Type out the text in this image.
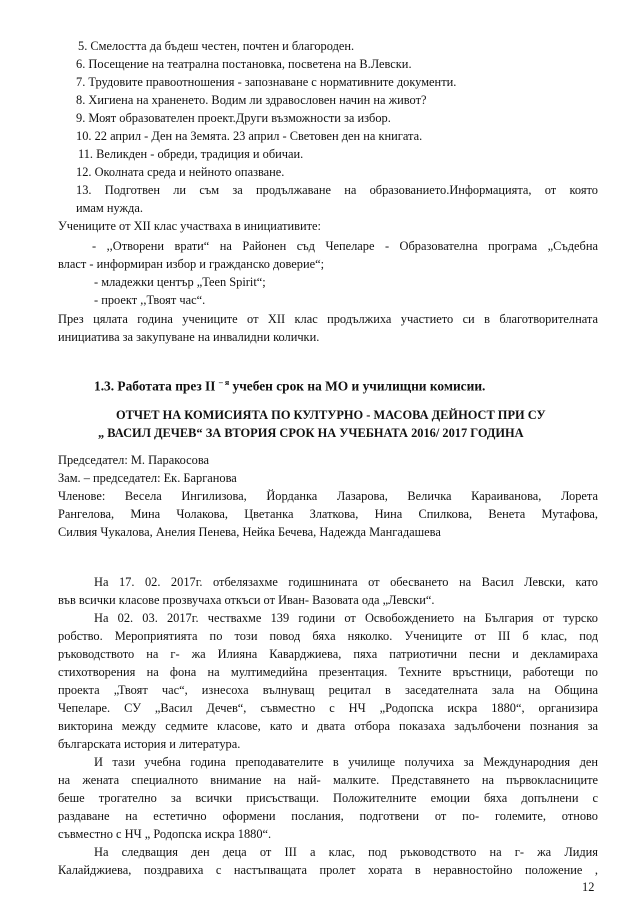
5. Смелостта да бъдеш честен, почтен и благороден.
6. Посещение на театрална постановка, посветена на В.Левски.
7. Трудовите правоотношения - запознаване с нормативните документи.
8. Хигиена на храненето. Водим ли здравословен начин на живот?
9. Моят образователен проект.Други възможности за избор.
10. 22 април - Ден на Земята. 23 април - Световен ден на книгата.
11. Великден - обреди, традиция и обичаи.
12. Околната среда и нейното опазване.
13. Подготвен ли съм за продължаване на образованието.Информацията, от която
имам нужда.
Учениците от XII клас участваха в инициативите:
- ,,Отворени врати“ на Районен съд Чепеларе - Образователна програма „Съдебна
власт - информиран избор и гражданско доверие“;
- младежки център „Teen Spirit“;
- проект ,,Твоят час“.
През цялата година учениците от XII клас продължиха участието си в благотворителната
инициатива за закупуване на инвалидни колички.
1.3. Работата през II $^{- я}$ учебен срок на МО и училищни комисии.
ОТЧЕТ НА КОМИСИЯТА ПО КУЛТУРНО - МАСОВА ДЕЙНОСТ ПРИ СУ
„ ВАСИЛ ДЕЧЕВ“ ЗА ВТОРИЯ СРОК НА УЧЕБНАТА 2016/ 2017 ГОДИНА
Председател: М. Паракосова
Зам. – председател: Ек. Барганова
Членове: Весела Ингилизова, Йорданка Лазарова, Величка Караиванова, Лорета
Рангелова, Мина Чолакова, Цветанка Златкова, Нина Спилкова, Венета Мутафова,
Силвия Чукалова, Анелия Пенева, Нейка Бечева, Надежда Мангадашева
На 17. 02. 2017г. отбелязахме годишнината от обесването на Васил Левски, като
във всички класове прозвучаха откъси от Иван- Вазовата ода „Левски“.
На 02. 03. 2017г. чествахме 139 години от Освобождението на България от турско
робство. Мероприятията по този повод бяха няколко. Учениците от III б клас, под
ръководството на г- жа Илияна Каварджиева, пяха патриотични песни и декламираха
стихотворения на фона на мултимедийна презентация. Техните връстници, работещи по
проекта „Твоят час“, изнесоха вълнуващ рецитал в заседателната зала на Община
Чепеларе. СУ „Васил Дечев“, съвместно с НЧ „Родопска искра 1880“, организира
викторина между седмите класове, като и двата отбора показаха задълбочени познания за
българската история и литература.
И тази учебна година преподавателите в училище получиха за Международния ден
на жената специалното внимание на най- малките. Представянето на първокласниците
беше трогателно за всички присъстващи. Положителните емоции бяха допълнени с
раздаване на естетично оформени послания, подготвени от по- големите, отново
съвместно с НЧ „ Родопска искра 1880“.
На следващия ден деца от III а клас, под ръководството на г- жа Лидия
Калайджиева, поздравиха с настъпващата пролет хората в неравностойно положение ,
12
